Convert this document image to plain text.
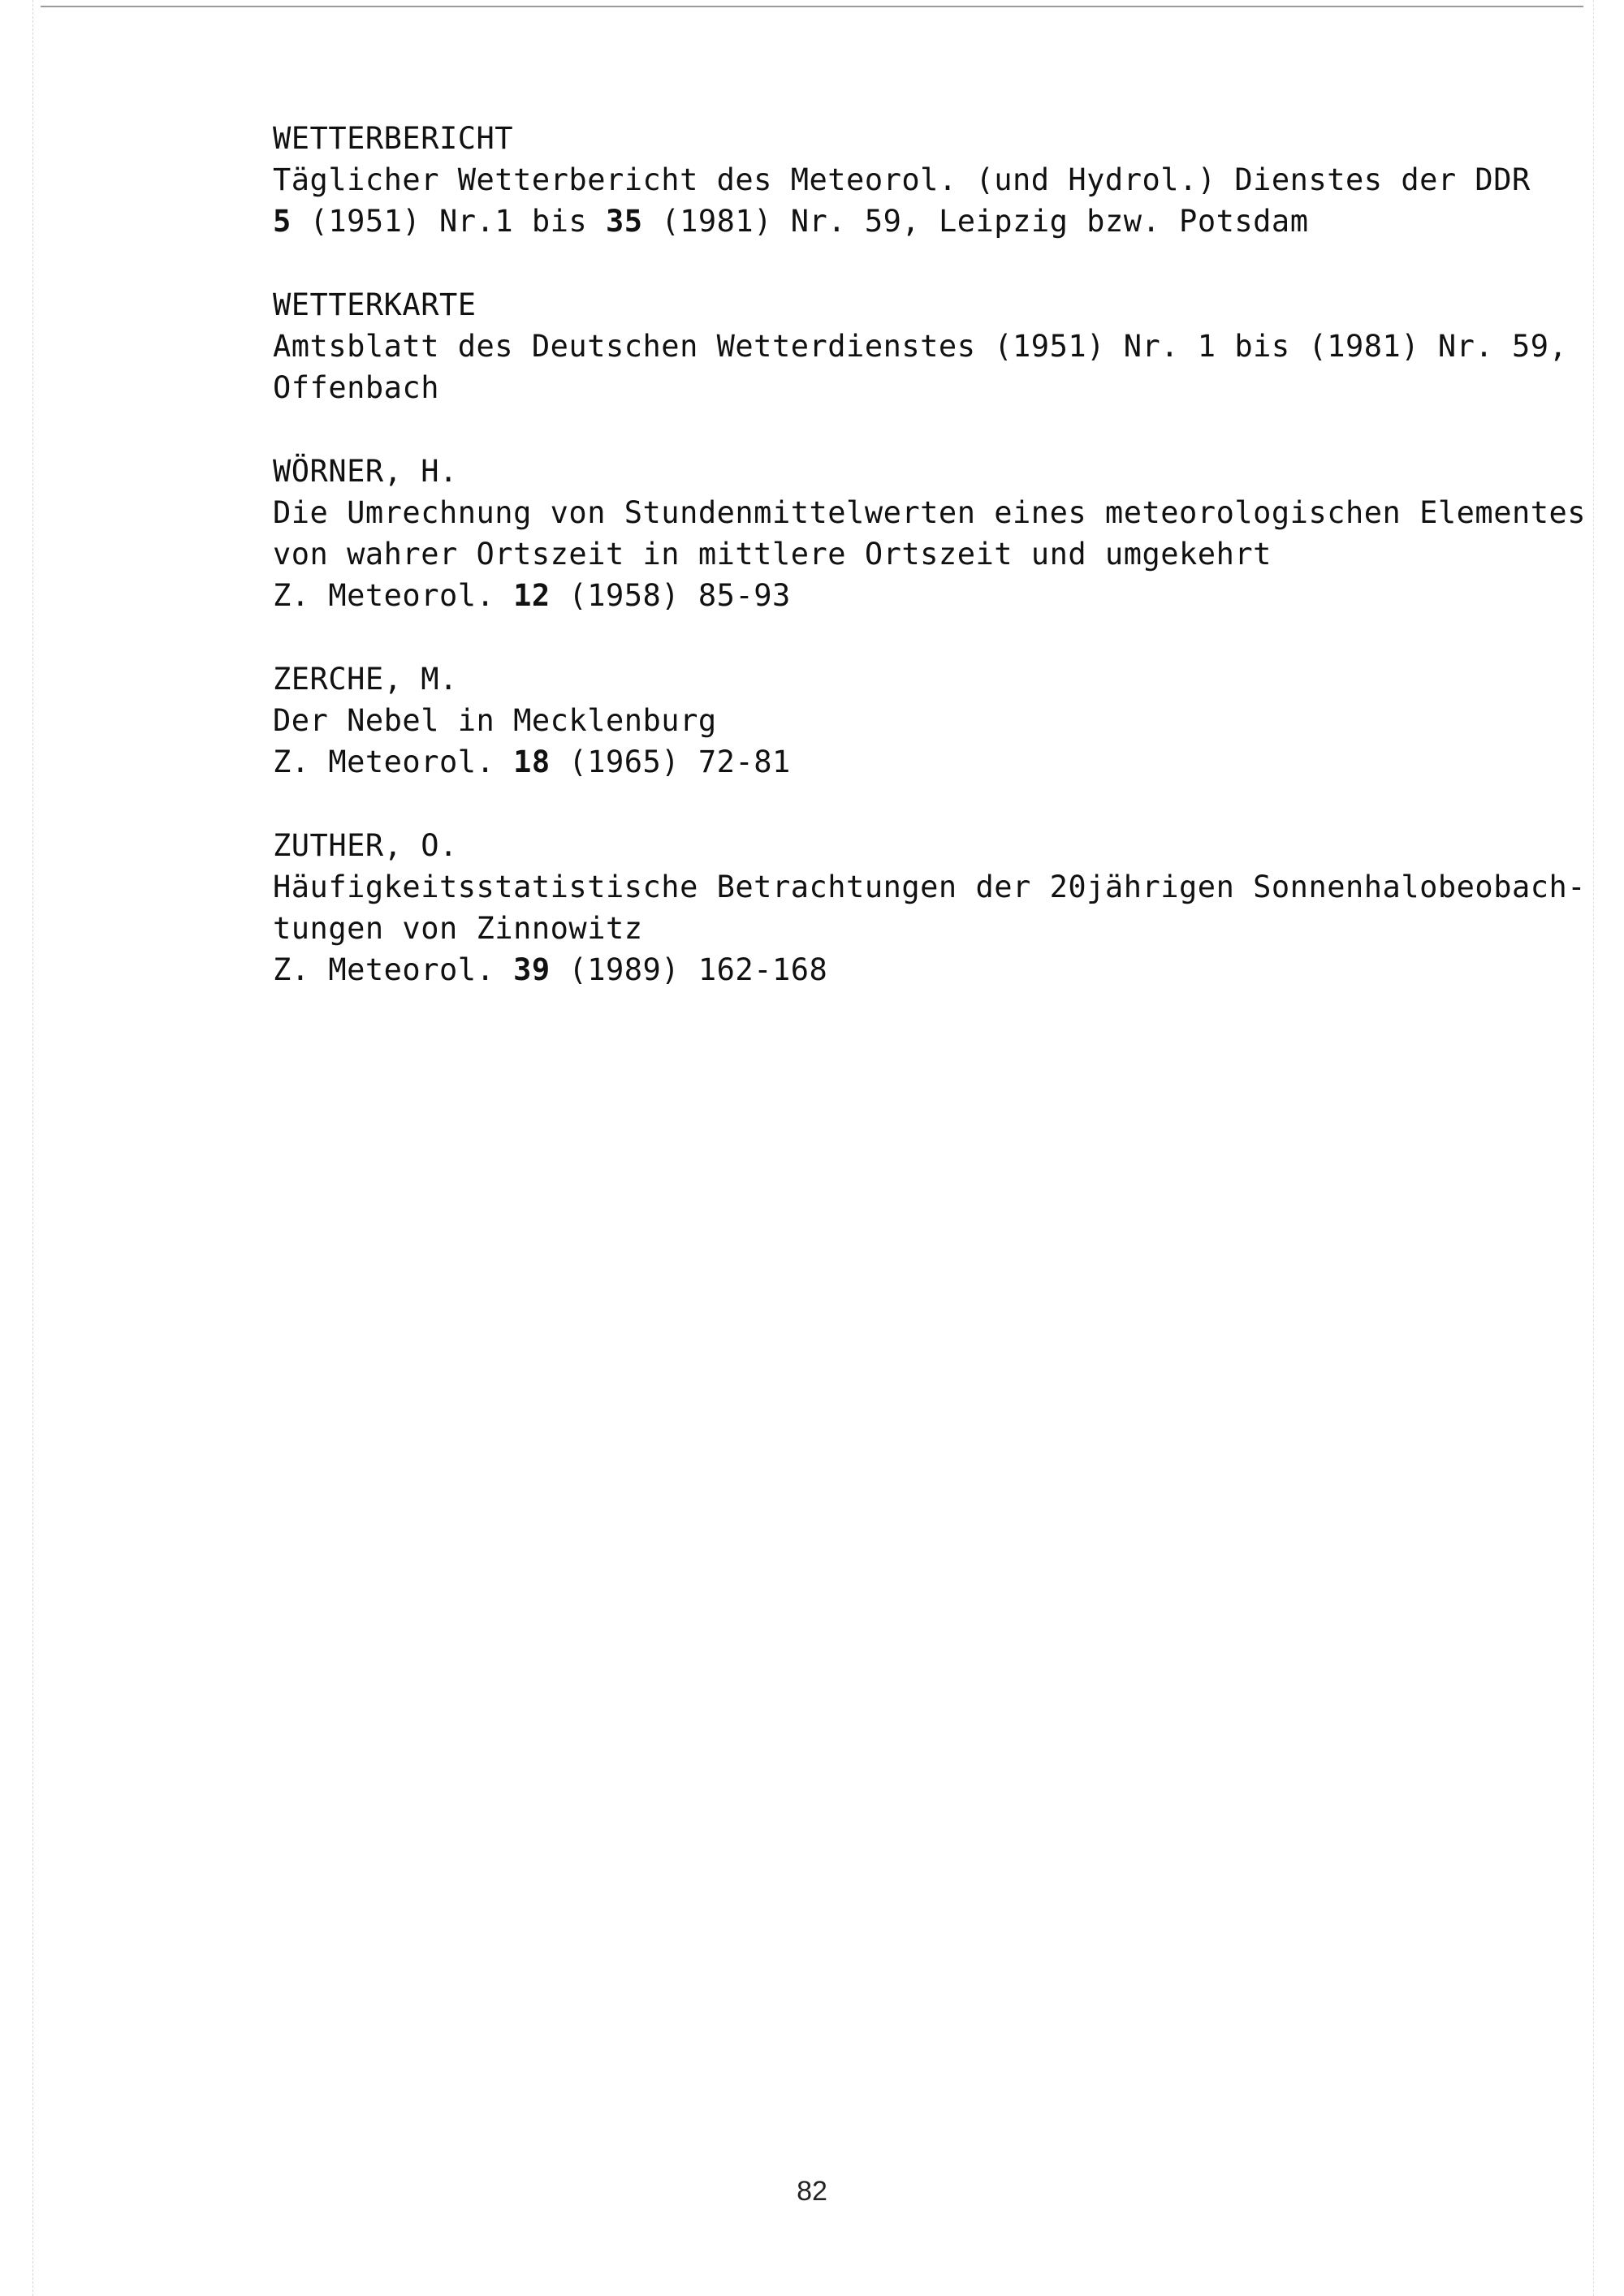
WETTERBERICHT
Täglicher Wetterbericht des Meteorol. (und Hydrol.) Dienstes der DDR
5 (1951) Nr.1 bis 35 (1981) Nr. 59, Leipzig bzw. Potsdam
WETTERKARTE
Amtsblatt des Deutschen Wetterdienstes (1951) Nr. 1 bis (1981) Nr. 59,
Offenbach
WÖRNER, H.
Die Umrechnung von Stundenmittelwerten eines meteorologischen Elementes
von wahrer Ortszeit in mittlere Ortszeit und umgekehrt
Z. Meteorol. 12 (1958) 85-93
ZERCHE, M.
Der Nebel in Mecklenburg
Z. Meteorol. 18 (1965) 72-81
ZUTHER, O.
Häufigkeitsstatistische Betrachtungen der 20jährigen Sonnenhalobeobach-
tungen von Zinnowitz
Z. Meteorol. 39 (1989) 162-168
82
